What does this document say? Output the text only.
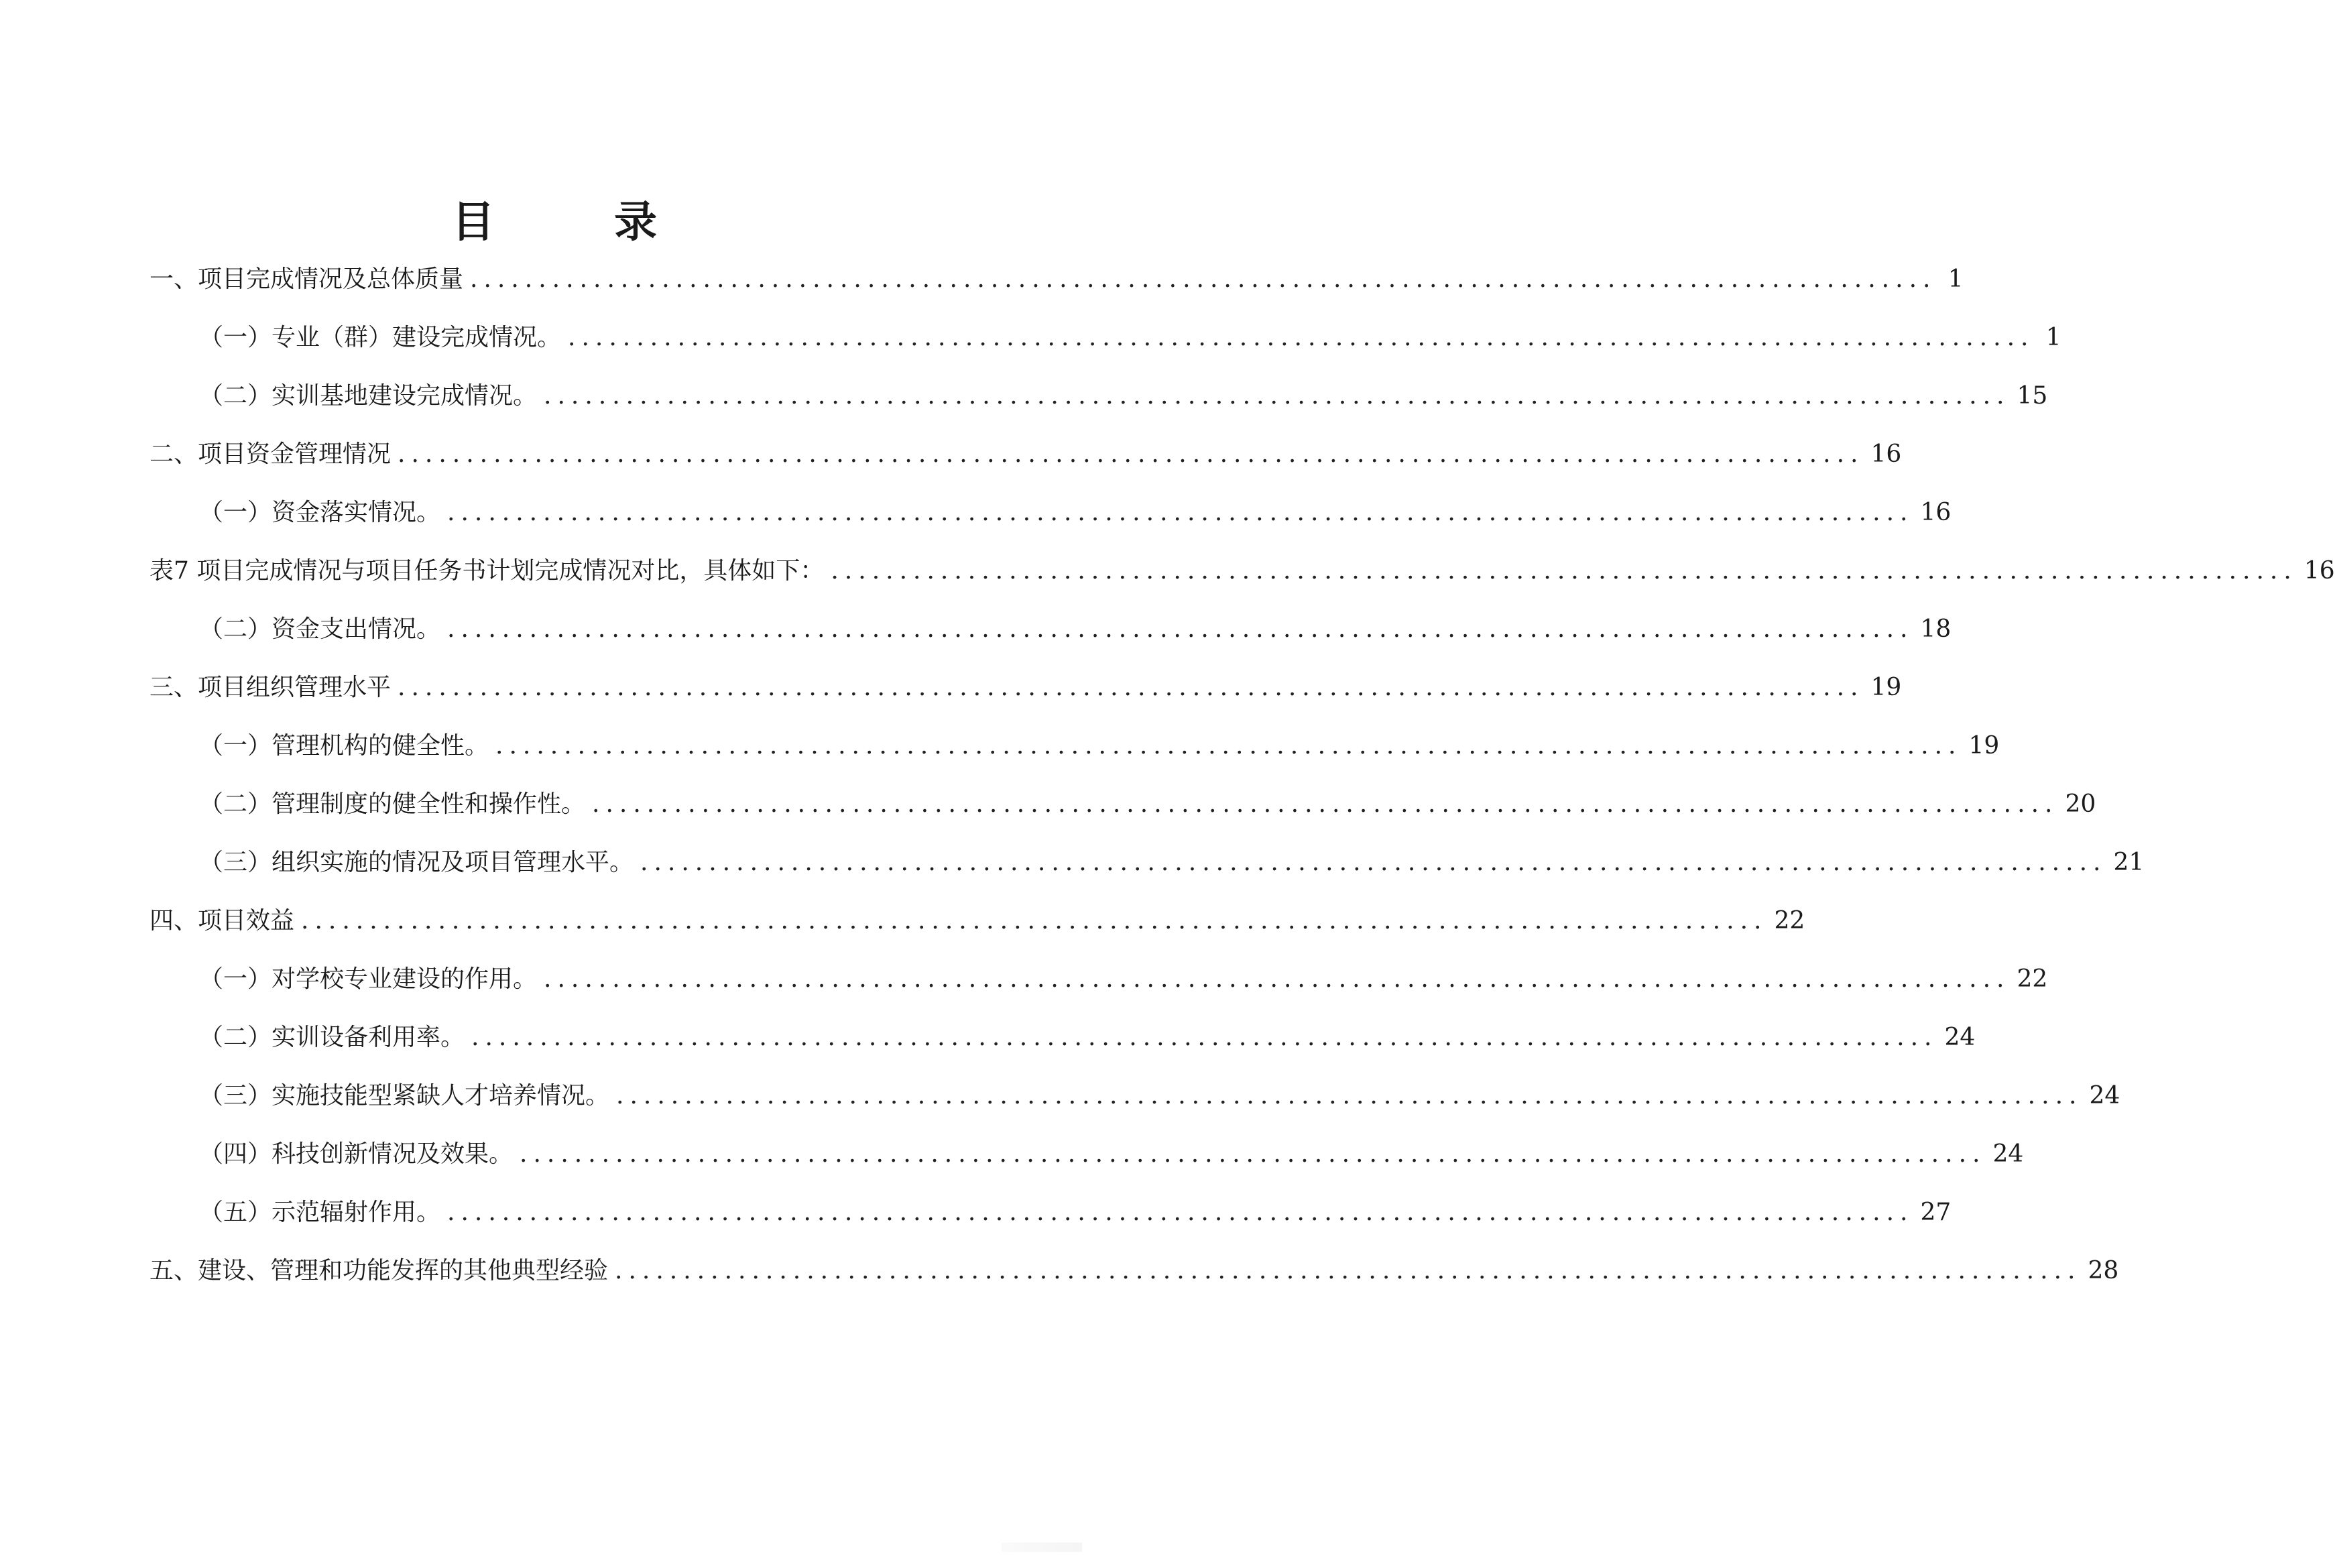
目 录
一、项目完成情况及总体质量 ........................................................................................................... 1
（一）专业（群）建设完成情况。 ........................................................................................................... 1
（二）实训基地建设完成情况。 ........................................................................................................... 15
二、项目资金管理情况 ........................................................................................................... 16
（一）资金落实情况。 ........................................................................................................... 16
表7 项目完成情况与项目任务书计划完成情况对比，具体如下： ........................................................................................................... 16
（二）资金支出情况。 ........................................................................................................... 18
三、项目组织管理水平 ........................................................................................................... 19
（一）管理机构的健全性。 ........................................................................................................... 19
（二）管理制度的健全性和操作性。 ........................................................................................................... 20
（三）组织实施的情况及项目管理水平。 ........................................................................................................... 21
四、项目效益 ........................................................................................................... 22
（一）对学校专业建设的作用。 ........................................................................................................... 22
（二）实训设备利用率。 ........................................................................................................... 24
（三）实施技能型紧缺人才培养情况。 ........................................................................................................... 24
（四）科技创新情况及效果。 ........................................................................................................... 24
（五）示范辐射作用。 ........................................................................................................... 27
五、建设、管理和功能发挥的其他典型经验 ........................................................................................................... 28
